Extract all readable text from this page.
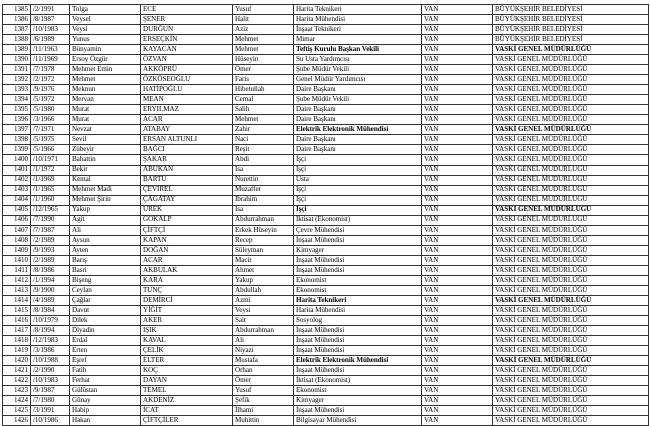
1385	/2/1991	Tolga	ECE	Yusuf	Harita Teknikeri	VAN	BÜYÜKŞEHİR BELEDİYESİ
1386	/8/1987	Veysel	ŞENER	Halit	Harita Mühendisi	VAN	BÜYÜKŞEHİR BELEDİYESİ
1387	/10/1983	Veysi	DURĞUN	Aziz	İnşaat Teknikeri	VAN	BÜYÜKŞEHİR BELEDİYESİ
1388	/6/1989	Yunus	ERSEÇKİN	Mehmet	Mimar	VAN	BÜYÜKŞEHİR BELEDİYESİ
1389	/11/1963	Bünyamin	KAYACAN	Mehmet	Teftiş Kurulu Başkan Vekili	VAN	VASKİ GENEL MÜDÜRLÜĞÜ
1390	/11/1969	Ersoy Özgür	ÖZVAN	Hüseyin	Su Usta Yardımcısı	VAN	VASKİ GENEL MÜDÜRLÜĞÜ
1391	/7/1978	Mehmet Emin	AKKÖPRÜ	Ömer	Şube Müdür Vekili	VAN	VASKİ GENEL MÜDÜRLÜĞÜ
1392	/2/1972	Mehmet	ÖZKÖSEOĞLU	Faris	Genel Müdür Yardımcısı	VAN	VASKİ GENEL MÜDÜRLÜĞÜ
1393	/9/1976	Meknun	HATİPOĞLU	Hibetullah	Daire Başkanı	VAN	VASKİ GENEL MÜDÜRLÜĞÜ
1394	/5/1972	Mervan	MEAN	Cemal	Şube Müdür Vekili	VAN	VASKİ GENEL MÜDÜRLÜĞÜ
1395	/5/1980	Murat	ERYILMAZ	Salih	Daire Başkanı	VAN	VASKİ GENEL MÜDÜRLÜĞÜ
1396	/3/1966	Murat	ACAR	Mehmet	Daire Başkanı	VAN	VASKİ GENEL MÜDÜRLÜĞÜ
1397	/7/1971	Nevzat	ATABAY	Zahir	Elektrik Elektronik Mühendisi	VAN	VASKİ GENEL MÜDÜRLÜĞÜ
1398	/5/1975	Sevil	ERSAN ALTUNLI	Naci	Daire Başkanı	VAN	VASKİ GENEL MÜDÜRLÜĞÜ
1399	/5/1966	Zübeyir	BAĞCI	Reşit	Daire Başkanı	VAN	VASKİ GENEL MÜDÜRLÜĞÜ
1400	/10/1971	Bahattin	ŞAKAR	Abdi	İşçi	VAN	VASKİ GENEL MÜDÜRLÜĞÜ
1401	/1/1972	Bekir	ABUKAN	İsa	İşçi	VAN	VASKİ GENEL MÜDÜRLÜĞÜ
1402	/1/1969	Kemal	BARTU	Nurettin	Usta	VAN	VASKİ GENEL MÜDÜRLÜĞÜ
1403	/1/1965	Mehmet Madi	ÇEVİREL	Muzaffer	İşçi	VAN	VASKİ GENEL MÜDÜRLÜĞÜ
1404	/1/1960	Mehmet Şirin	ÇAĞATAY	İbrahim	İşçi	VAN	VASKİ GENEL MÜDÜRLÜĞÜ
1405	/12/1965	Yakup	ÜREK	İsa	İşçi	VAN	VASKİ GENEL MÜDÜRLÜĞÜ
1406	/7/1990	Agit	GÖKALP	Abdurrahman	İktisat (Ekonomist)	VAN	VASKİ GENEL MÜDÜRLÜĞÜ
1407	/7/1987	Ali	ÇİFTÇİ	Erkek Hüseyin	Çevre Mühendisi	VAN	VASKİ GENEL MÜDÜRLÜĞÜ
1408	/2/1989	Aysun	KAPAN	Recep	İnşaat Mühendisi	VAN	VASKİ GENEL MÜDÜRLÜĞÜ
1409	/9/1993	Ayten	DOĞAN	Süleyman	Kimyager	VAN	VASKİ GENEL MÜDÜRLÜĞÜ
1410	/2/1989	Barış	ACAR	Macit	İnşaat Mühendisi	VAN	VASKİ GENEL MÜDÜRLÜĞÜ
1411	/8/1986	Basri	AKBULAK	Ahmet	İnşaat Mühendisi	VAN	VASKİ GENEL MÜDÜRLÜĞÜ
1412	/1/1994	Bişeng	KARA	Yakup	Ekonomist	VAN	VASKİ GENEL MÜDÜRLÜĞÜ
1413	/9/1900	Ceylan	TUNÇ	Abdullah	Ekonomist	VAN	VASKİ GENEL MÜDÜRLÜĞÜ
1414	/4/1989	Çağlar	DEMİRCİ	Azmi	Harita Teknikeri	VAN	VASKİ GENEL MÜDÜRLÜĞÜ
1415	/8/1984	Davut	YİĞİT	Veysi	Harita Mühendisi	VAN	VASKİ GENEL MÜDÜRLÜĞÜ
1416	/10/1979	Dilek	AKER	Sait	Sosyolog	VAN	VASKİ GENEL MÜDÜRLÜĞÜ
1417	/8/1994	Diyadin	IŞIK	Abdurrahman	İnşaat Mühendisi	VAN	VASKİ GENEL MÜDÜRLÜĞÜ
1418	/12/1983	Erdal	KAVAL	Ali	İnşaat Mühendisi	VAN	VASKİ GENEL MÜDÜRLÜĞÜ
1419	/3/1986	Erten	ÇELİK	Niyazi	İnşaat Mühendisi	VAN	VASKİ GENEL MÜDÜRLÜĞÜ
1420	/10/1988	Eşref	ELTER	Mustafa	Elektrik Elektronik Mühendisi	VAN	VASKİ GENEL MÜDÜRLÜĞÜ
1421	/2/1990	Fatih	KOÇ	Orhan	İnşaat Mühendisi	VAN	VASKİ GENEL MÜDÜRLÜĞÜ
1422	/10/1983	Ferhat	DAYAN	Ömer	İktisat (Ekonomist)	VAN	VASKİ GENEL MÜDÜRLÜĞÜ
1423	/9/1987	Gülüstan	TEMEL	Yusuf	Ekonomist	VAN	VASKİ GENEL MÜDÜRLÜĞÜ
1424	/7/1980	Günay	AKDENİZ	Şefik	Kimyager	VAN	VASKİ GENEL MÜDÜRLÜĞÜ
1425	/3/1991	Habip	İCAT	İlhami	İnşaat Mühendisi	VAN	VASKİ GENEL MÜDÜRLÜĞÜ
1426	/10/1986	Hakan	ÇİFTÇİLER	Muhittin	Bilgisayar Mühendisi	VAN	VASKİ GENEL MÜDÜRLÜĞÜ
